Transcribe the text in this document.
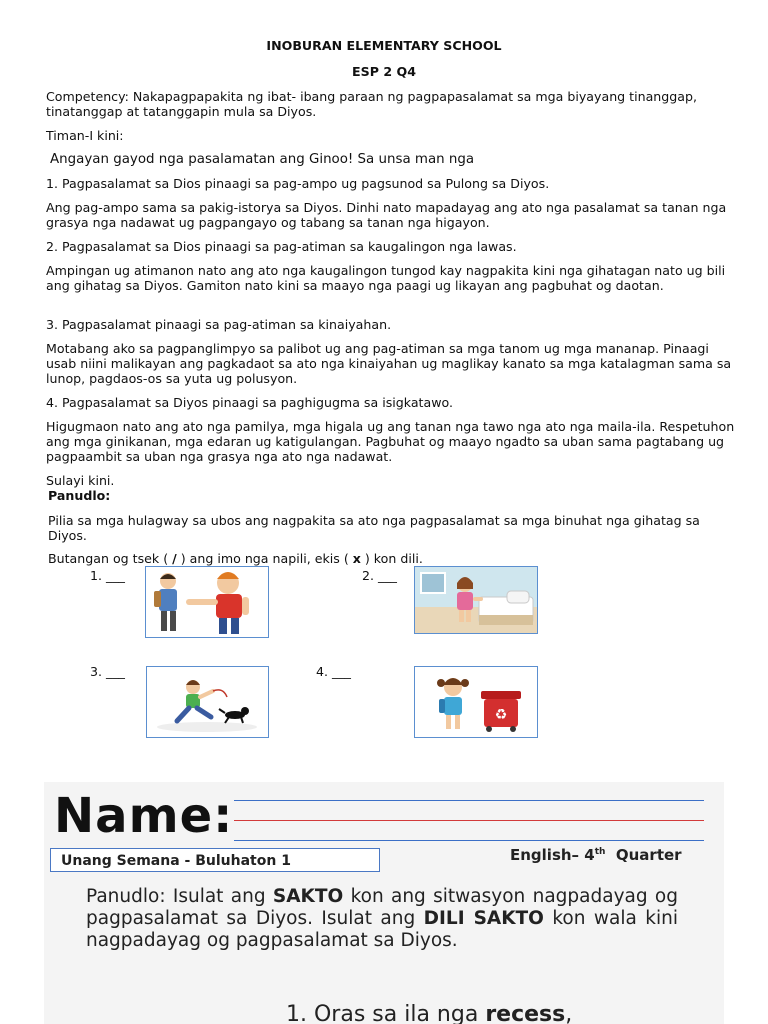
INOBURAN ELEMENTARY SCHOOL

ESP 2 Q4

Competency: Nakapagpapakita ng ibat- ibang paraan ng pagpapasalamat sa mga biyayang tinanggap, tinatanggap at tatanggapin mula sa Diyos.

Timan-I kini:

Angayan gayod nga pasalamatan ang Ginoo! Sa unsa man nga

1. Pagpasalamat sa Dios pinaagi sa pag-ampo ug pagsunod sa Pulong sa Diyos.

Ang pag-ampo sama sa pakig-istorya sa Diyos. Dinhi nato mapadayag ang ato nga pasalamat sa tanan nga grasya nga nadawat ug pagpangayo og tabang sa tanan nga higayon.

2. Pagpasalamat sa Dios pinaagi sa pag-atiman sa kaugalingon nga lawas.

Ampingan ug atimanon nato ang ato nga kaugalingon tungod kay nagpakita kini nga gihatagan nato ug bili ang gihatag sa Diyos. Gamiton nato kini sa maayo nga paagi ug likayan ang pagbuhat og daotan.

3. Pagpasalamat pinaagi sa pag-atiman sa kinaiyahan.

Motabang ako sa pagpanglimpyo sa palibot ug ang pag-atiman sa mga tanom ug mga mananap. Pinaagi usab niini malikayan ang pagkadaot sa ato nga kinaiyahan ug maglikay kanato sa mga katalagman sama sa lunop, pagdaos-os sa yuta ug polusyon.

4. Pagpasalamat sa Diyos pinaagi sa paghigugma sa isigkatawo.

Higugmaon nato ang ato nga pamilya, mga higala ug ang tanan nga tawo nga ato nga maila-ila. Respetuhon ang mga ginikanan, mga edaran ug katigulangan. Pagbuhat og maayo ngadto sa uban sama pagtabang ug pagpaambit sa uban nga grasya nga ato nga nadawat.

Sulayi kini.

Panudlo:

Pilia sa mga hulagway sa ubos ang nagpakita sa ato nga pagpasalamat sa mga binuhat nga gihatag sa Diyos.

Butangan og tsek ( / ) ang imo nga napili, ekis ( x ) kon dili.

1. ___	2. ___
3. ___	4. ___
♻
Name:
Unang Semana - Buluhaton 1	English– 4th  Quarter
Panudlo: Isulat ang SAKTO kon ang sitwasyon nagpadayag og pagpasalamat sa Diyos. Isulat ang DILI SAKTO kon wala kini nagpadayag og pagpasalamat sa Diyos.
1. Oras sa ila nga recess,
